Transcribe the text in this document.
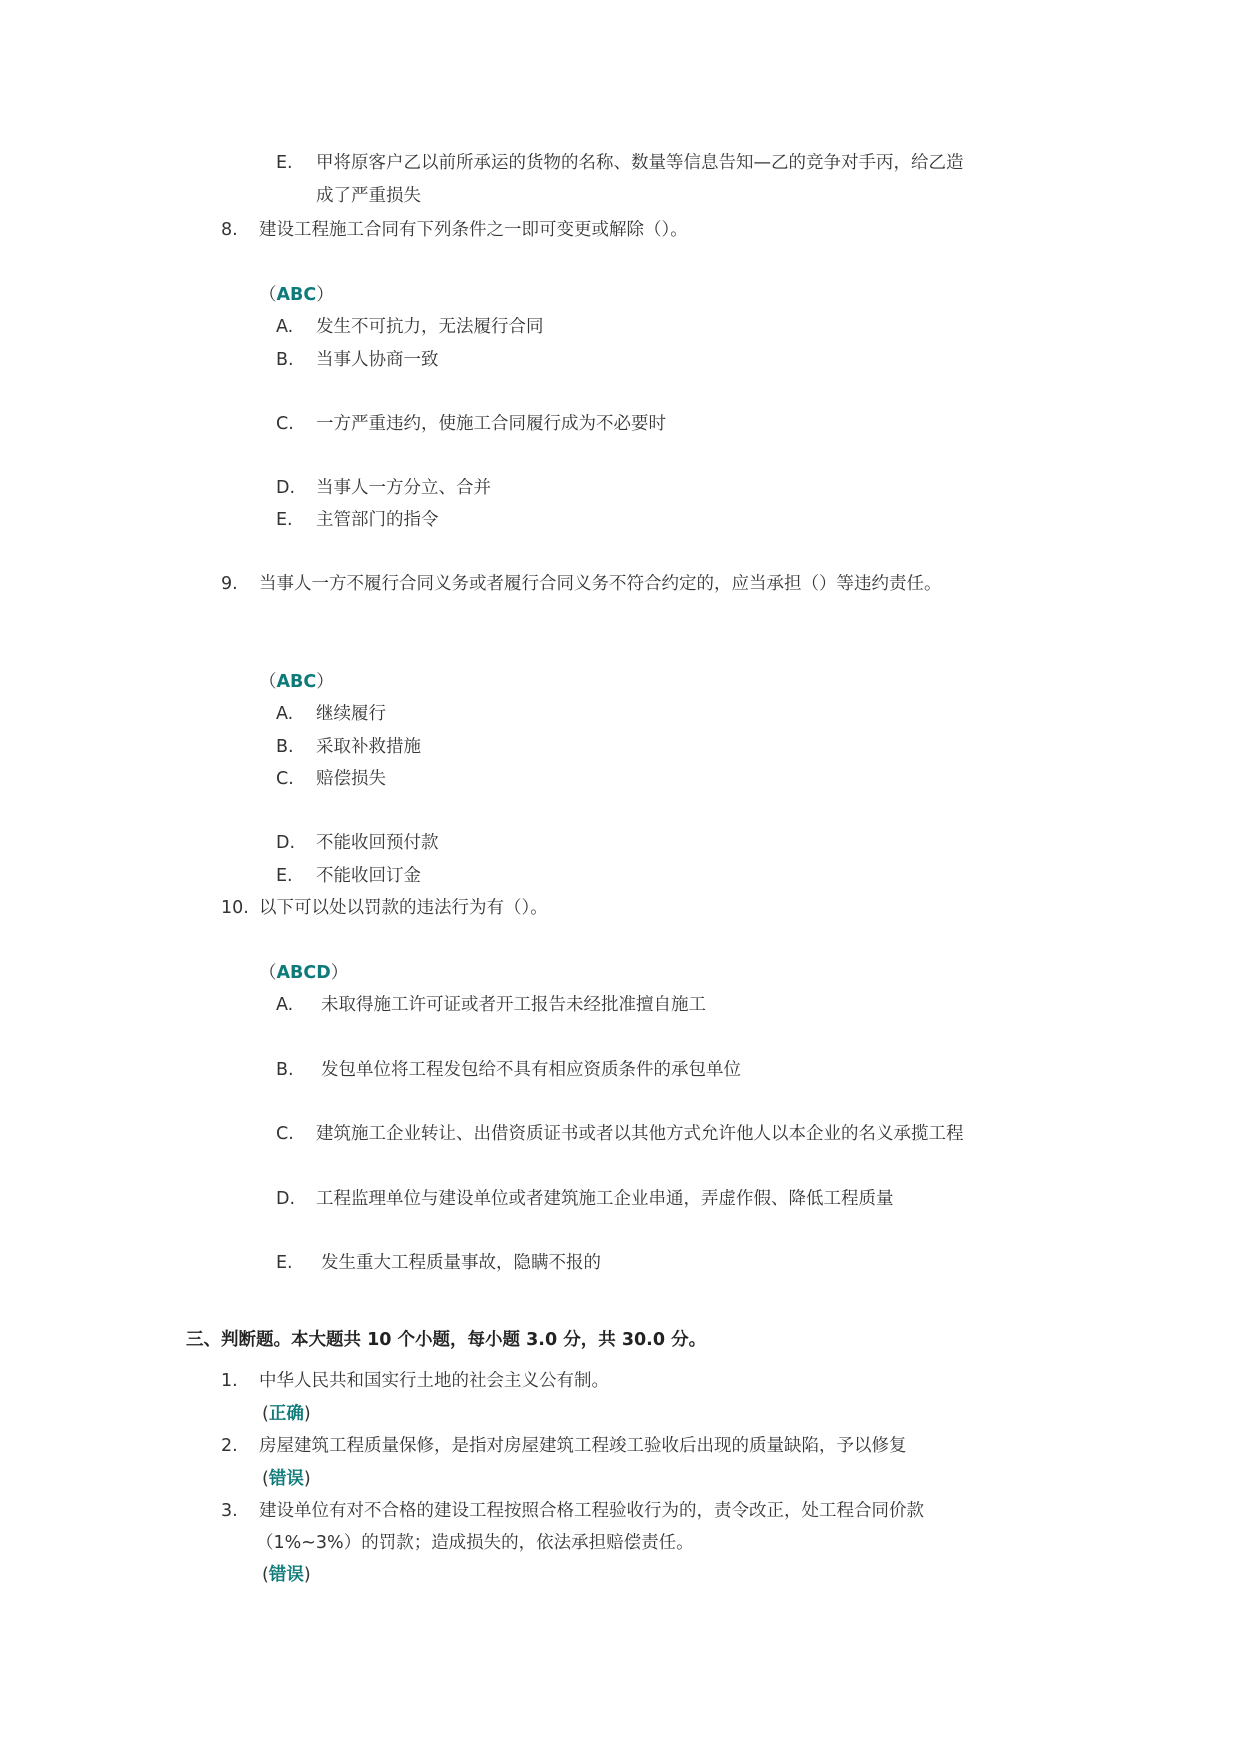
E. 甲将原客户乙以前所承运的货物的名称、数量等信息告知—乙的竞争对手丙，给乙造
成了严重损失
8. 建设工程施工合同有下列条件之一即可变更或解除（）。
（ABC）
A. 发生不可抗力，无法履行合同
B. 当事人协商一致
C. 一方严重违约，使施工合同履行成为不必要时
D. 当事人一方分立、合并
E. 主管部门的指令
9. 当事人一方不履行合同义务或者履行合同义务不符合约定的，应当承担（）等违约责任。
（ABC）
A. 继续履行
B. 采取补救措施
C. 赔偿损失
D. 不能收回预付款
E. 不能收回订金
10. 以下可以处以罚款的违法行为有（）。
（ABCD）
A. 未取得施工许可证或者开工报告未经批准擅自施工
B. 发包单位将工程发包给不具有相应资质条件的承包单位
C. 建筑施工企业转让、出借资质证书或者以其他方式允许他人以本企业的名义承揽工程
D. 工程监理单位与建设单位或者建筑施工企业串通，弄虚作假、降低工程质量
E. 发生重大工程质量事故，隐瞒不报的
三、判断题。本大题共 10 个小题，每小题 3.0 分，共 30.0 分。
1. 中华人民共和国实行土地的社会主义公有制。
(正确)
2. 房屋建筑工程质量保修，是指对房屋建筑工程竣工验收后出现的质量缺陷，予以修复
(错误)
3. 建设单位有对不合格的建设工程按照合格工程验收行为的，责令改正，处工程合同价款
（1%~3%）的罚款；造成损失的，依法承担赔偿责任。
(错误)
